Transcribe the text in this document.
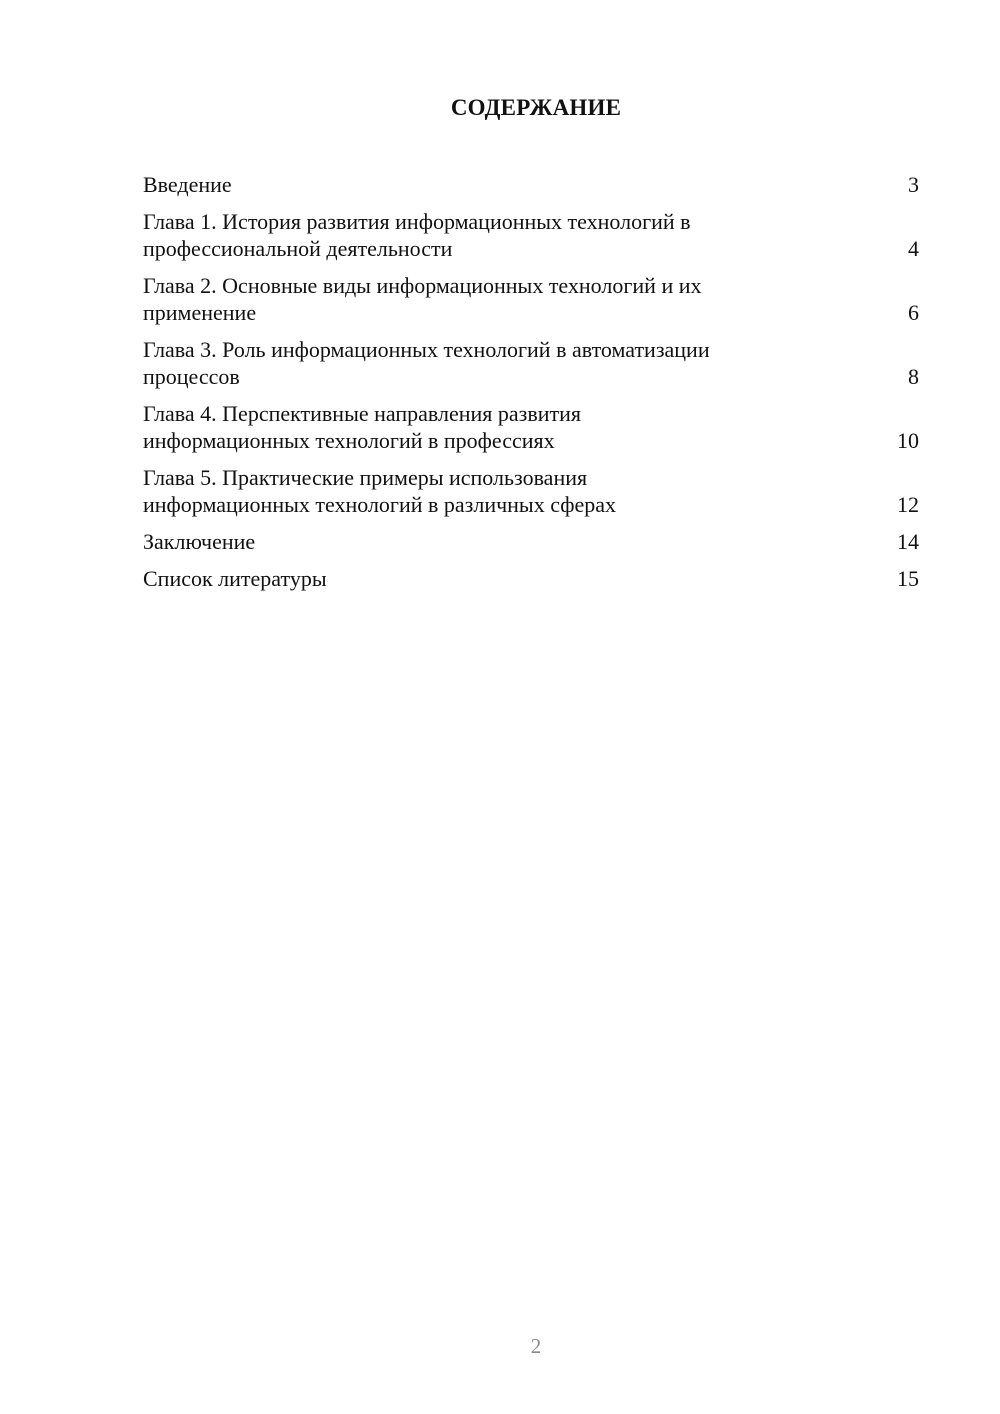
СОДЕРЖАНИЕ
Введение	3
Глава 1. История развития информационных технологий в
профессиональной деятельности	4
Глава 2. Основные виды информационных технологий и их
применение	6
Глава 3. Роль информационных технологий в автоматизации
процессов	8
Глава 4. Перспективные направления развития
информационных технологий в профессиях	10
Глава 5. Практические примеры использования
информационных технологий в различных сферах	12
Заключение	14
Список литературы	15
2
